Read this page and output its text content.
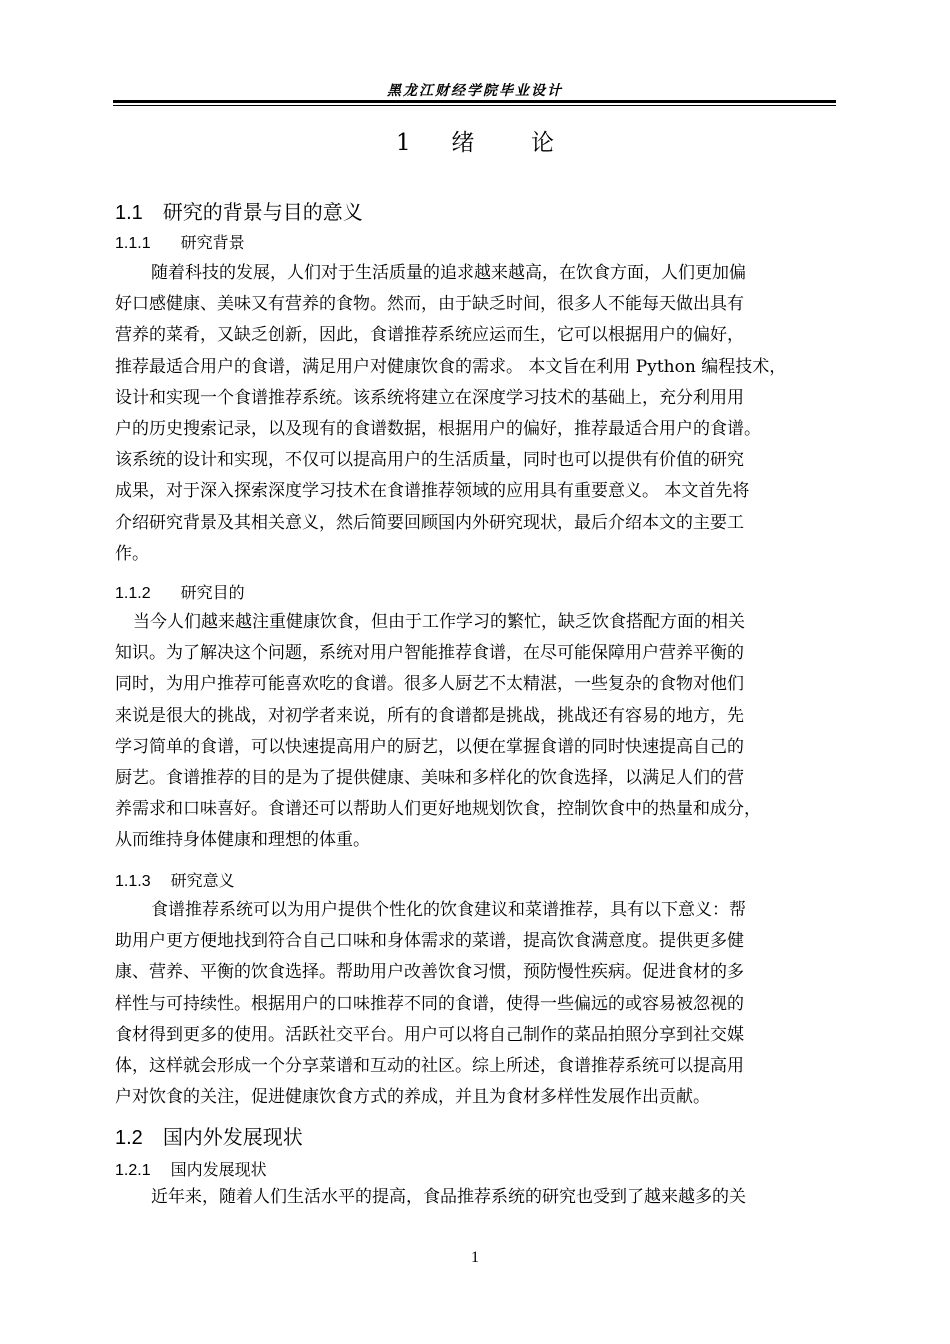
黑龙江财经学院毕业设计
1 绪 论
1.1 研究的背景与目的意义
1.1.1 研究背景
随着科技的发展，人们对于生活质量的追求越来越高，在饮食方面，人们更加偏
好口感健康、美味又有营养的食物。然而，由于缺乏时间，很多人不能每天做出具有
营养的菜肴，又缺乏创新，因此，食谱推荐系统应运而生，它可以根据用户的偏好，
推荐最适合用户的食谱，满足用户对健康饮食的需求。 本文旨在利用 Python 编程技术，
设计和实现一个食谱推荐系统。该系统将建立在深度学习技术的基础上，充分利用用
户的历史搜索记录，以及现有的食谱数据，根据用户的偏好，推荐最适合用户的食谱。
该系统的设计和实现，不仅可以提高用户的生活质量，同时也可以提供有价值的研究
成果，对于深入探索深度学习技术在食谱推荐领域的应用具有重要意义。 本文首先将
介绍研究背景及其相关意义，然后简要回顾国内外研究现状，最后介绍本文的主要工
作。
1.1.2 研究目的
当今人们越来越注重健康饮食，但由于工作学习的繁忙，缺乏饮食搭配方面的相关
知识。为了解决这个问题，系统对用户智能推荐食谱，在尽可能保障用户营养平衡的
同时，为用户推荐可能喜欢吃的食谱。很多人厨艺不太精湛，一些复杂的食物对他们
来说是很大的挑战，对初学者来说，所有的食谱都是挑战，挑战还有容易的地方，先
学习简单的食谱，可以快速提高用户的厨艺，以便在掌握食谱的同时快速提高自己的
厨艺。食谱推荐的目的是为了提供健康、美味和多样化的饮食选择，以满足人们的营
养需求和口味喜好。食谱还可以帮助人们更好地规划饮食，控制饮食中的热量和成分，
从而维持身体健康和理想的体重。
1.1.3 研究意义
食谱推荐系统可以为用户提供个性化的饮食建议和菜谱推荐，具有以下意义：帮
助用户更方便地找到符合自己口味和身体需求的菜谱，提高饮食满意度。提供更多健
康、营养、平衡的饮食选择。帮助用户改善饮食习惯，预防慢性疾病。促进食材的多
样性与可持续性。根据用户的口味推荐不同的食谱，使得一些偏远的或容易被忽视的
食材得到更多的使用。活跃社交平台。用户可以将自己制作的菜品拍照分享到社交媒
体，这样就会形成一个分享菜谱和互动的社区。综上所述，食谱推荐系统可以提高用
户对饮食的关注，促进健康饮食方式的养成，并且为食材多样性发展作出贡献。
1.2 国内外发展现状
1.2.1 国内发展现状
近年来，随着人们生活水平的提高，食品推荐系统的研究也受到了越来越多的关
1
